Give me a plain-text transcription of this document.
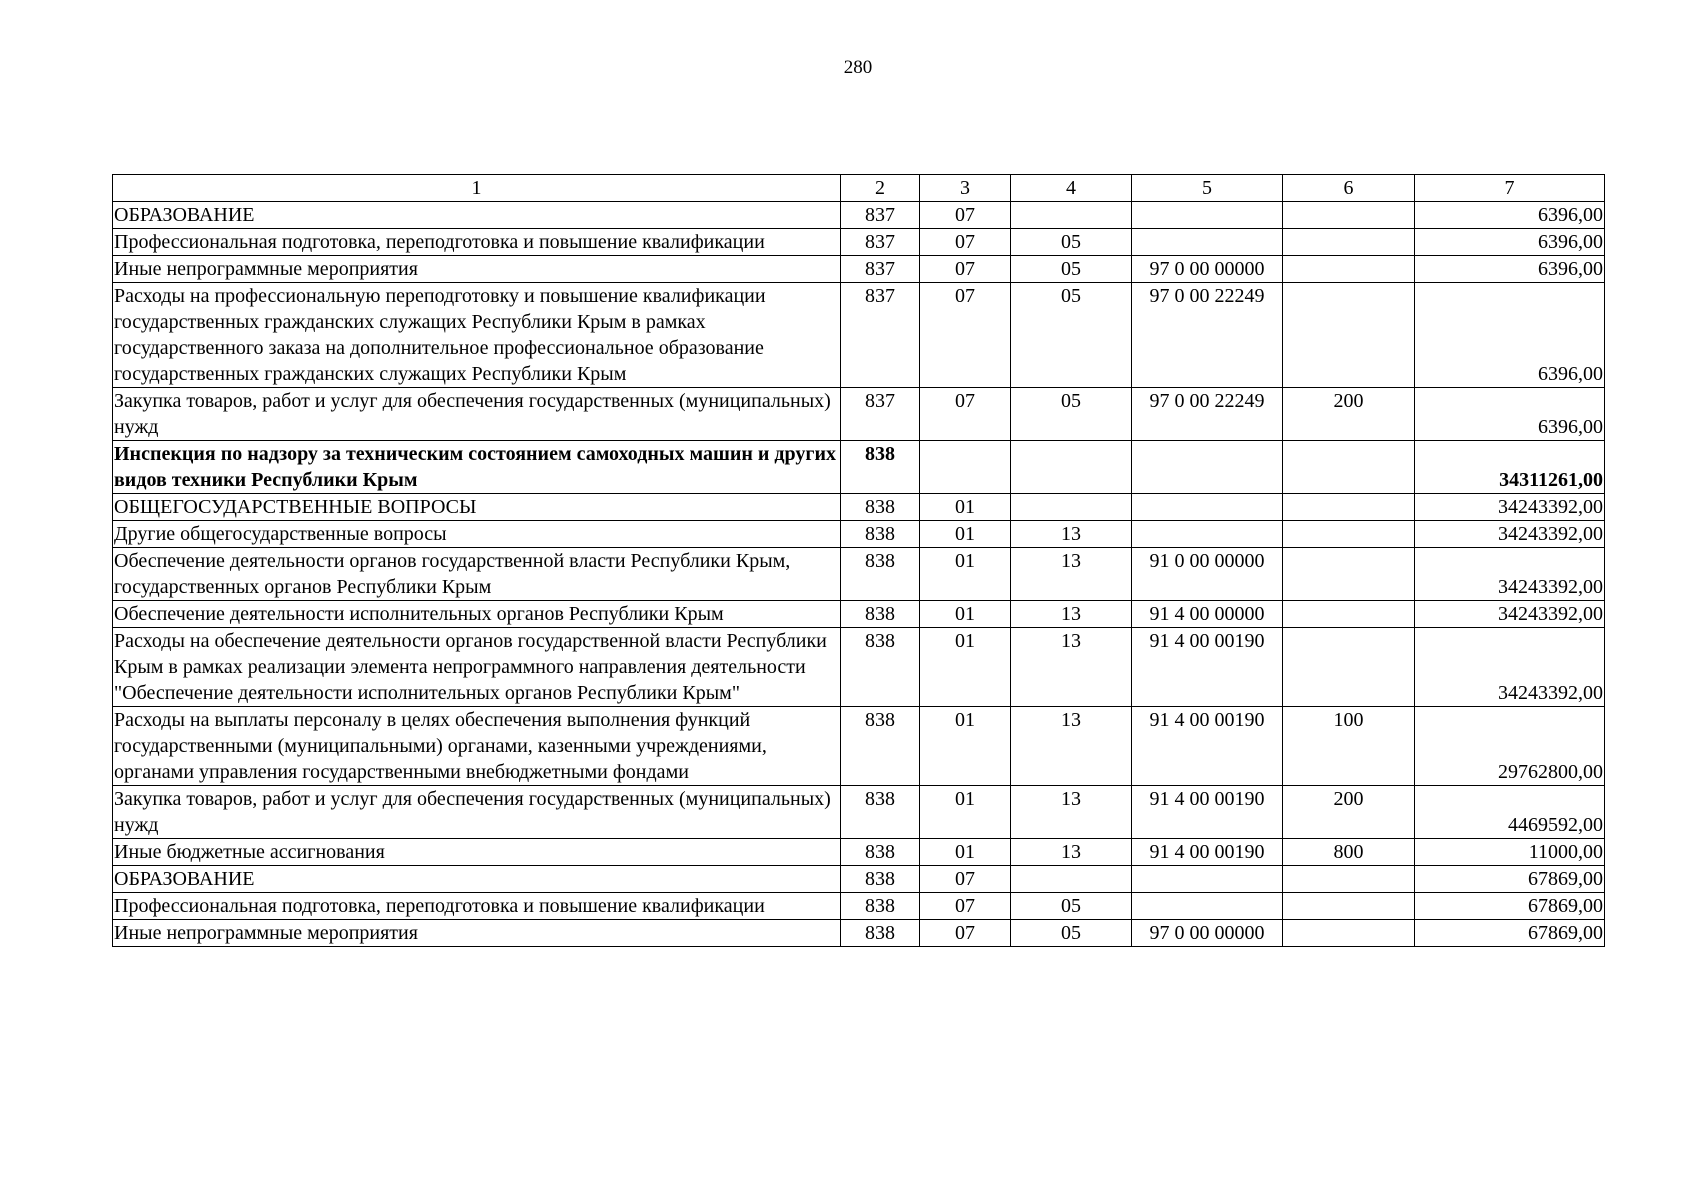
280
1	2	3	4	5	6	7
ОБРАЗОВАНИЕ	837	07				6396,00
Профессиональная подготовка, переподготовка и повышение квалификации	837	07	05			6396,00
Иные непрограммные мероприятия	837	07	05	97 0 00 00000		6396,00
Расходы на профессиональную переподготовку и повышение квалификации государственных гражданских служащих Республики Крым в рамках государственного заказа на дополнительное профессиональное образование государственных гражданских служащих Республики Крым	837	07	05	97 0 00 22249		6396,00
Закупка товаров, работ и услуг для обеспечения государственных (муниципальных) нужд	837	07	05	97 0 00 22249	200	6396,00
Инспекция по надзору за техническим состоянием самоходных машин и других видов техники Республики Крым	838					34311261,00
ОБЩЕГОСУДАРСТВЕННЫЕ ВОПРОСЫ	838	01				34243392,00
Другие общегосударственные вопросы	838	01	13			34243392,00
Обеспечение деятельности органов государственной власти Республики Крым, государственных органов Республики Крым	838	01	13	91 0 00 00000		34243392,00
Обеспечение деятельности исполнительных органов Республики Крым	838	01	13	91 4 00 00000		34243392,00
Расходы на обеспечение деятельности органов государственной власти Республики Крым в рамках реализации элемента непрограммного направления деятельности "Обеспечение деятельности исполнительных органов Республики Крым"	838	01	13	91 4 00 00190		34243392,00
Расходы на выплаты персоналу в целях обеспечения выполнения функций государственными (муниципальными) органами, казенными учреждениями, органами управления государственными внебюджетными фондами	838	01	13	91 4 00 00190	100	29762800,00
Закупка товаров, работ и услуг для обеспечения государственных (муниципальных) нужд	838	01	13	91 4 00 00190	200	4469592,00
Иные бюджетные ассигнования	838	01	13	91 4 00 00190	800	11000,00
ОБРАЗОВАНИЕ	838	07				67869,00
Профессиональная подготовка, переподготовка и повышение квалификации	838	07	05			67869,00
Иные непрограммные мероприятия	838	07	05	97 0 00 00000		67869,00
